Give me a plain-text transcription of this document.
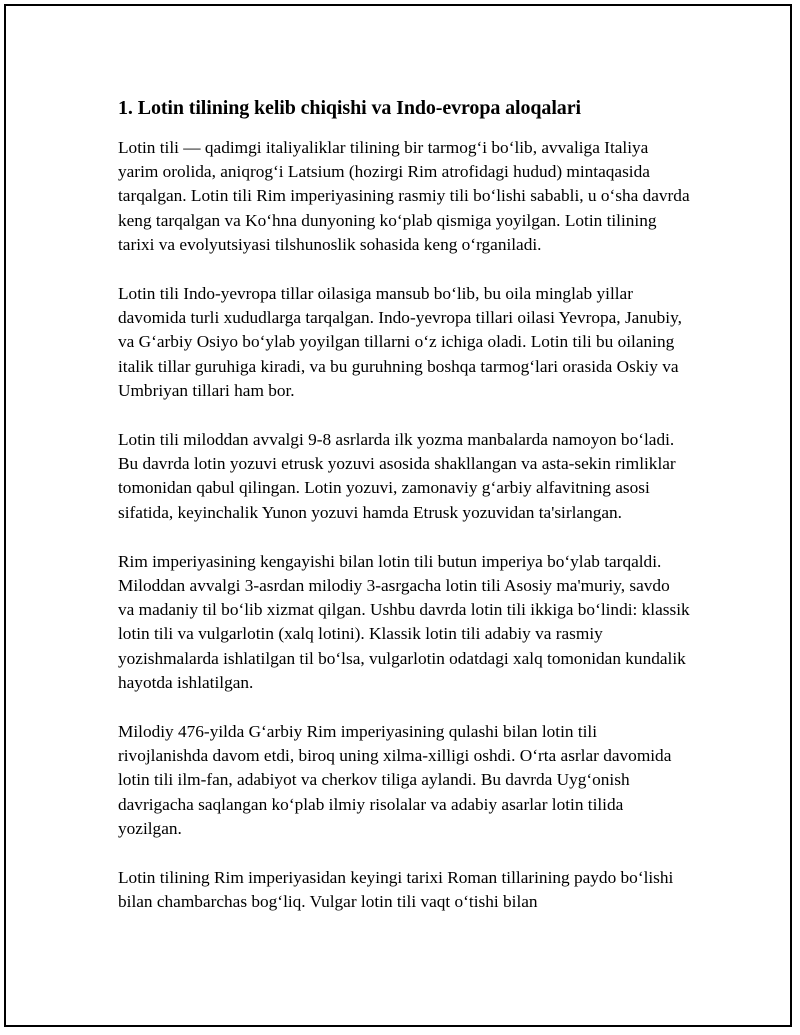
1. Lotin tilining kelib chiqishi va Indo-evropa aloqalari

Lotin tili — qadimgi italiyaliklar tilining bir tarmog‘i bo‘lib, avvaliga Italiya yarim orolida, aniqrog‘i Latsium (hozirgi Rim atrofidagi hudud) mintaqasida tarqalgan. Lotin tili Rim imperiyasining rasmiy tili bo‘lishi sababli, u o‘sha davrda keng tarqalgan va Ko‘hna dunyoning ko‘plab qismiga yoyilgan. Lotin tilining tarixi va evolyutsiyasi tilshunoslik sohasida keng o‘rganiladi.

Lotin tili Indo-yevropa tillar oilasiga mansub bo‘lib, bu oila minglab yillar davomida turli xududlarga tarqalgan. Indo-yevropa tillari oilasi Yevropa, Janubiy, va G‘arbiy Osiyo bo‘ylab yoyilgan tillarni o‘z ichiga oladi. Lotin tili bu oilaning italik tillar guruhiga kiradi, va bu guruhning boshqa tarmog‘lari orasida Oskiy va Umbriyan tillari ham bor.

Lotin tili miloddan avvalgi 9-8 asrlarda ilk yozma manbalarda namoyon bo‘ladi. Bu davrda lotin yozuvi etrusk yozuvi asosida shakllangan va asta-sekin rimliklar tomonidan qabul qilingan. Lotin yozuvi, zamonaviy g‘arbiy alfavitning asosi sifatida, keyinchalik Yunon yozuvi hamda Etrusk yozuvidan ta'sirlangan.

Rim imperiyasining kengayishi bilan lotin tili butun imperiya bo‘ylab tarqaldi. Miloddan avvalgi 3-asrdan milodiy 3-asrgacha lotin tili Asosiy ma'muriy, savdo va madaniy til bo‘lib xizmat qilgan. Ushbu davrda lotin tili ikkiga bo‘lindi: klassik lotin tili va vulgarlotin (xalq lotini). Klassik lotin tili adabiy va rasmiy yozishmalarda ishlatilgan til bo‘lsa, vulgarlotin odatdagi xalq tomonidan kundalik hayotda ishlatilgan.

Milodiy 476-yilda G‘arbiy Rim imperiyasining qulashi bilan lotin tili rivojlanishda davom etdi, biroq uning xilma-xilligi oshdi. O‘rta asrlar davomida lotin tili ilm-fan, adabiyot va cherkov tiliga aylandi. Bu davrda Uyg‘onish davrigacha saqlangan ko‘plab ilmiy risolalar va adabiy asarlar lotin tilida yozilgan.

Lotin tilining Rim imperiyasidan keyingi tarixi Roman tillarining paydo bo‘lishi bilan chambarchas bog‘liq. Vulgar lotin tili vaqt o‘tishi bilan
